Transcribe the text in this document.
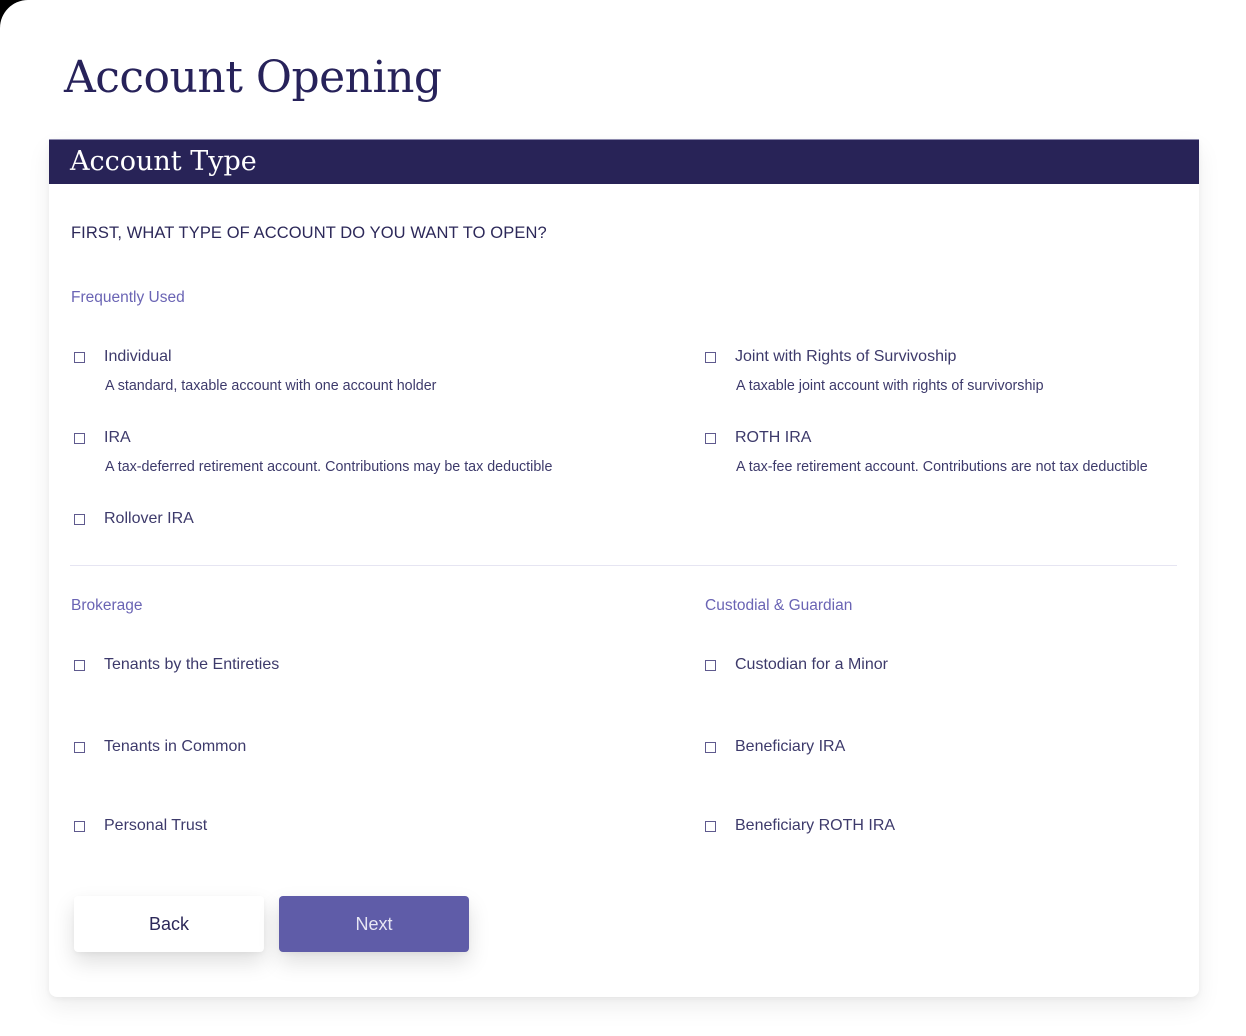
Account Opening
Account Type
FIRST, WHAT TYPE OF ACCOUNT DO YOU WANT TO OPEN?
Frequently Used
Individual
A standard, taxable account with one account holder
Joint with Rights of Survivoship
A taxable joint account with rights of survivorship
IRA
A tax-deferred retirement account. Contributions may be tax deductible
ROTH IRA
A tax-fee retirement account. Contributions are not tax deductible
Rollover IRA
Brokerage
Tenants by the Entireties
Tenants in Common
Personal Trust
Custodial & Guardian
Custodian for a Minor
Beneficiary IRA
Beneficiary ROTH IRA
Back	Next
